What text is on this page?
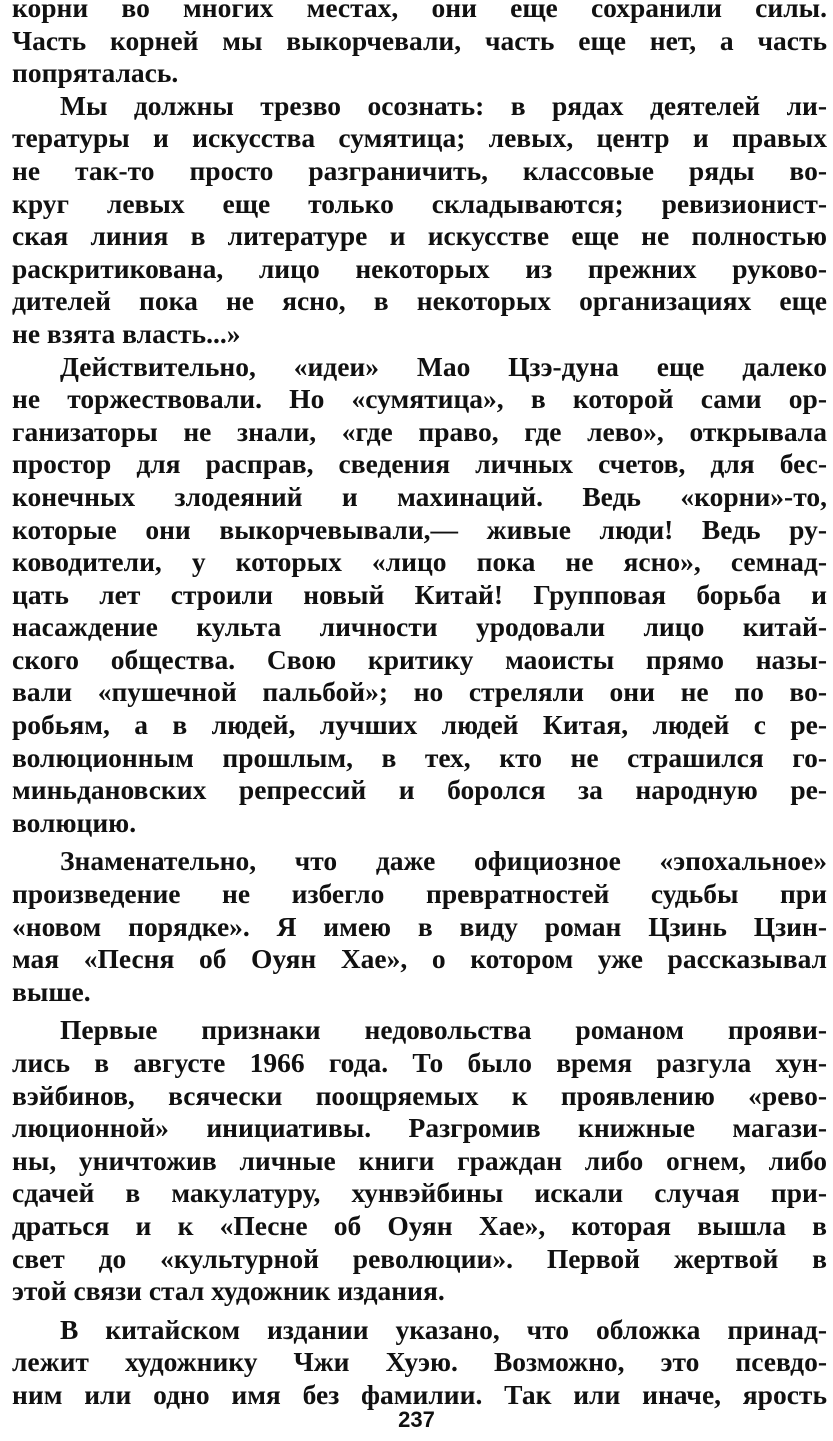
корни во многих местах, они еще сохранили силы.
Часть корней мы выкорчевали, часть еще нет, а часть
попряталась.
Мы должны трезво осознать: в рядах деятелей ли-
тературы и искусства сумятица; левых, центр и правых
не так-то просто разграничить, классовые ряды во-
круг левых еще только складываются; ревизионист-
ская линия в литературе и искусстве еще не полностью
раскритикована, лицо некоторых из прежних руково-
дителей пока не ясно, в некоторых организациях еще
не взята власть...»
Действительно, «идеи» Мао Цзэ-дуна еще далеко
не торжествовали. Но «сумятица», в которой сами ор-
ганизаторы не знали, «где право, где лево», открывала
простор для расправ, сведения личных счетов, для бес-
конечных злодеяний и махинаций. Ведь «корни»-то,
которые они выкорчевывали,— живые люди! Ведь ру-
ководители, у которых «лицо пока не ясно», семнад-
цать лет строили новый Китай! Групповая борьба и
насаждение культа личности уродовали лицо китай-
ского общества. Свою критику маоисты прямо назы-
вали «пушечной пальбой»; но стреляли они не по во-
робьям, а в людей, лучших людей Китая, людей с ре-
волюционным прошлым, в тех, кто не страшился го-
миньдановских репрессий и боролся за народную ре-
волюцию.
Знаменательно, что даже официозное «эпохальное»
произведение не избегло превратностей судьбы при
«новом порядке». Я имею в виду роман Цзинь Цзин-
мая «Песня об Оуян Хае», о котором уже рассказывал
выше.
Первые признаки недовольства романом прояви-
лись в августе 1966 года. То было время разгула хун-
вэйбинов, всячески поощряемых к проявлению «рево-
люционной» инициативы. Разгромив книжные магази-
ны, уничтожив личные книги граждан либо огнем, либо
сдачей в макулатуру, хунвэйбины искали случая при-
драться и к «Песне об Оуян Хае», которая вышла в
свет до «культурной революции». Первой жертвой в
этой связи стал художник издания.
В китайском издании указано, что обложка принад-
лежит художнику Чжи Хуэю. Возможно, это псевдо-
ним или одно имя без фамилии. Так или иначе, ярость
237
